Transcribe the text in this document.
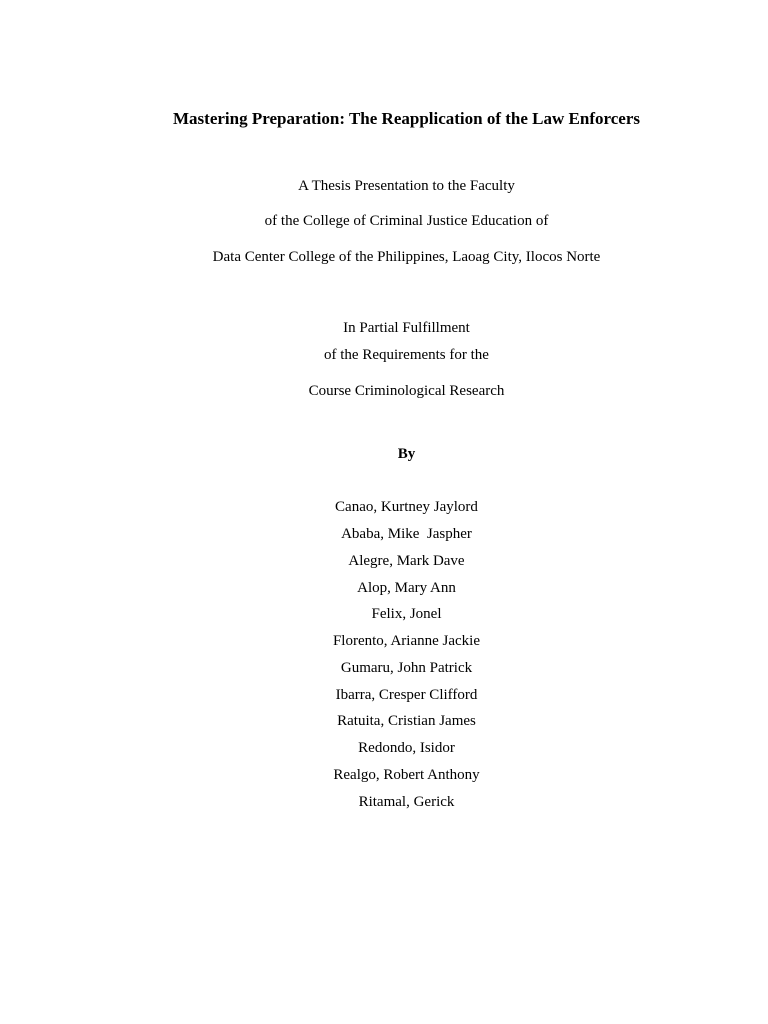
Mastering Preparation: The Reapplication of the Law Enforcers
A Thesis Presentation to the Faculty
of the College of Criminal Justice Education of
Data Center College of the Philippines, Laoag City, Ilocos Norte
In Partial Fulfillment
of the Requirements for the
Course Criminological Research
By
Canao, Kurtney Jaylord
Ababa, Mike  Jaspher
Alegre, Mark Dave
Alop, Mary Ann
Felix, Jonel
Florento, Arianne Jackie
Gumaru, John Patrick
Ibarra, Cresper Clifford
Ratuita, Cristian James
Redondo, Isidor
Realgo, Robert Anthony
Ritamal, Gerick
